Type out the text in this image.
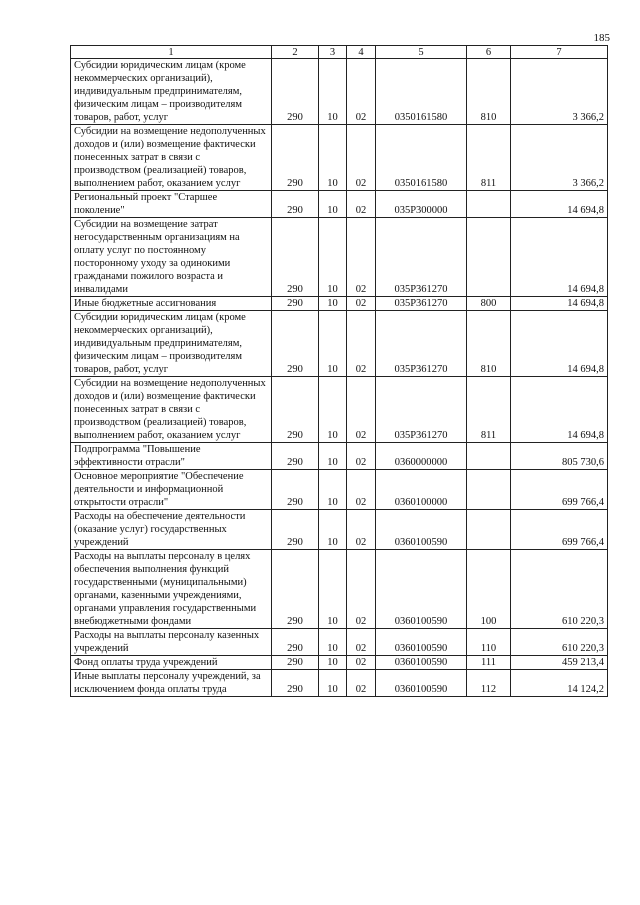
185
1	2	3	4	5	6	7
Субсидии юридическим лицам (кроме некоммерческих организаций), индивидуальным предпринимателям, физическим лицам – производителям товаров, работ, услуг	290	10	02	0350161580	810	3 366,2
Субсидии на возмещение недополученных доходов и (или) возмещение фактически понесенных затрат в связи с производством (реализацией) товаров, выполнением работ, оказанием услуг	290	10	02	0350161580	811	3 366,2
Региональный проект "Старшее поколение"	290	10	02	035P300000		14 694,8
Субсидии на возмещение затрат негосударственным организациям на оплату услуг по постоянному посторонному уходу за одинокими гражданами пожилого возраста и инвалидами	290	10	02	035P361270		14 694,8
Иные бюджетные ассигнования	290	10	02	035P361270	800	14 694,8
Субсидии юридическим лицам (кроме некоммерческих организаций), индивидуальным предпринимателям, физическим лицам – производителям товаров, работ, услуг	290	10	02	035P361270	810	14 694,8
Субсидии на возмещение недополученных доходов и (или) возмещение фактически понесенных затрат в связи с производством (реализацией) товаров, выполнением работ, оказанием услуг	290	10	02	035P361270	811	14 694,8
Подпрограмма "Повышение эффективности отрасли"	290	10	02	0360000000		805 730,6
Основное мероприятие "Обеспечение деятельности и информационной открытости отрасли"	290	10	02	0360100000		699 766,4
Расходы на обеспечение деятельности (оказание услуг) государственных учреждений	290	10	02	0360100590		699 766,4
Расходы на выплаты персоналу в целях обеспечения выполнения функций государственными (муниципальными) органами, казенными учреждениями, органами управления государственными внебюджетными фондами	290	10	02	0360100590	100	610 220,3
Расходы на выплаты персоналу казенных учреждений	290	10	02	0360100590	110	610 220,3
Фонд оплаты труда учреждений	290	10	02	0360100590	111	459 213,4
Иные выплаты персоналу учреждений, за исключением фонда оплаты труда	290	10	02	0360100590	112	14 124,2
